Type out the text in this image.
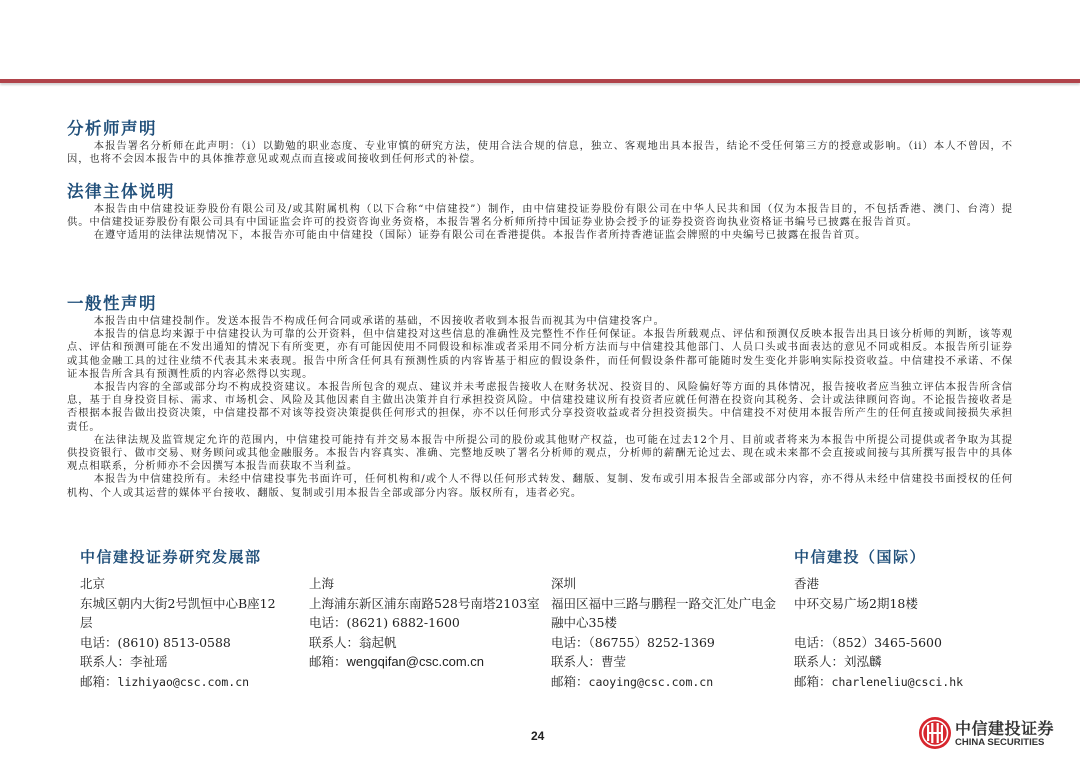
分析师声明

本报告署名分析师在此声明：（i）以勤勉的职业态度、专业审慎的研究方法，使用合法合规的信息，独立、客观地出具本报告，结论不受任何第三方的授意或影响。（ii）本人不曾因，不因，也将不会因本报告中的具体推荐意见或观点而直接或间接收到任何形式的补偿。

法律主体说明

本报告由中信建投证券股份有限公司及/或其附属机构（以下合称“中信建投”）制作，由中信建投证券股份有限公司在中华人民共和国（仅为本报告目的，不包括香港、澳门、台湾）提供。中信建投证券股份有限公司具有中国证监会许可的投资咨询业务资格，本报告署名分析师所持中国证券业协会授予的证券投资咨询执业资格证书编号已披露在报告首页。

在遵守适用的法律法规情况下，本报告亦可能由中信建投（国际）证券有限公司在香港提供。本报告作者所持香港证监会牌照的中央编号已披露在报告首页。

一般性声明

本报告由中信建投制作。发送本报告不构成任何合同或承诺的基础，不因接收者收到本报告而视其为中信建投客户。

本报告的信息均来源于中信建投认为可靠的公开资料，但中信建投对这些信息的准确性及完整性不作任何保证。本报告所载观点、评估和预测仅反映本报告出具日该分析师的判断，该等观点、评估和预测可能在不发出通知的情况下有所变更，亦有可能因使用不同假设和标准或者采用不同分析方法而与中信建投其他部门、人员口头或书面表达的意见不同或相反。本报告所引证券或其他金融工具的过往业绩不代表其未来表现。报告中所含任何具有预测性质的内容皆基于相应的假设条件，而任何假设条件都可能随时发生变化并影响实际投资收益。中信建投不承诺、不保证本报告所含具有预测性质的内容必然得以实现。

本报告内容的全部或部分均不构成投资建议。本报告所包含的观点、建议并未考虑报告接收人在财务状况、投资目的、风险偏好等方面的具体情况，报告接收者应当独立评估本报告所含信息，基于自身投资目标、需求、市场机会、风险及其他因素自主做出决策并自行承担投资风险。中信建投建议所有投资者应就任何潜在投资向其税务、会计或法律顾问咨询。不论报告接收者是否根据本报告做出投资决策，中信建投都不对该等投资决策提供任何形式的担保，亦不以任何形式分享投资收益或者分担投资损失。中信建投不对使用本报告所产生的任何直接或间接损失承担责任。

在法律法规及监管规定允许的范围内，中信建投可能持有并交易本报告中所提公司的股份或其他财产权益，也可能在过去12个月、目前或者将来为本报告中所提公司提供或者争取为其提供投资银行、做市交易、财务顾问或其他金融服务。本报告内容真实、准确、完整地反映了署名分析师的观点，分析师的薪酬无论过去、现在或未来都不会直接或间接与其所撰写报告中的具体观点相联系，分析师亦不会因撰写本报告而获取不当利益。

本报告为中信建投所有。未经中信建投事先书面许可，任何机构和/或个人不得以任何形式转发、翻版、复制、发布或引用本报告全部或部分内容，亦不得从未经中信建投书面授权的任何机构、个人或其运营的媒体平台接收、翻版、复制或引用本报告全部或部分内容。版权所有，违者必究。

中信建投证券研究发展部	中信建投（国际）
北京
东城区朝内大街2号凯恒中心B座12层
电话：(8610) 8513-0588
联系人：李祉瑶
邮箱：lizhiyao@csc.com.cn
上海
上海浦东新区浦东南路528号南塔2103室
电话：(8621) 6882-1600
联系人：翁起帆
邮箱：wengqifan@csc.com.cn
深圳
福田区福中三路与鹏程一路交汇处广电金融中心35楼
电话：（86755）8252-1369
联系人：曹莹
邮箱：caoying@csc.com.cn
香港
中环交易广场2期18楼
电话：（852）3465-5600
联系人：刘泓麟
邮箱：charleneliu@csci.hk
24	中信建投证券
CHINA SECURITIES
